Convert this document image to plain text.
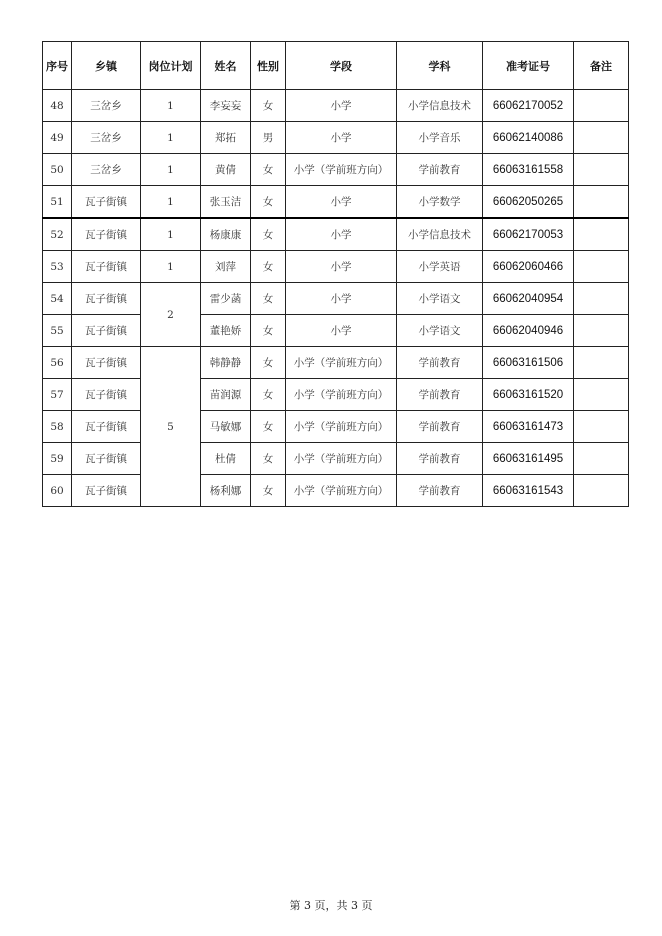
序号	乡镇	岗位计划	姓名	性别	学段	学科	准考证号	备注
48	三岔乡	1	李妄妄	女	小学	小学信息技术	66062170052	
49	三岔乡	1	郑拓	男	小学	小学音乐	66062140086	
50	三岔乡	1	黄倩	女	小学（学前班方向）	学前教育	66063161558	
51	瓦子街镇	1	张玉洁	女	小学	小学数学	66062050265	
52	瓦子街镇	1	杨康康	女	小学	小学信息技术	66062170053	
53	瓦子街镇	1	刘萍	女	小学	小学英语	66062060466	
54	瓦子街镇	2	雷少菡	女	小学	小学语文	66062040954	
55	瓦子街镇		董艳娇	女	小学	小学语文	66062040946	
56	瓦子街镇	5	韩静静	女	小学（学前班方向）	学前教育	66063161506	
57	瓦子街镇		苗润源	女	小学（学前班方向）	学前教育	66063161520	
58	瓦子街镇		马敏娜	女	小学（学前班方向）	学前教育	66063161473	
59	瓦子街镇		杜倩	女	小学（学前班方向）	学前教育	66063161495	
60	瓦子街镇		杨利娜	女	小学（学前班方向）	学前教育	66063161543	
第 3 页，共 3 页
